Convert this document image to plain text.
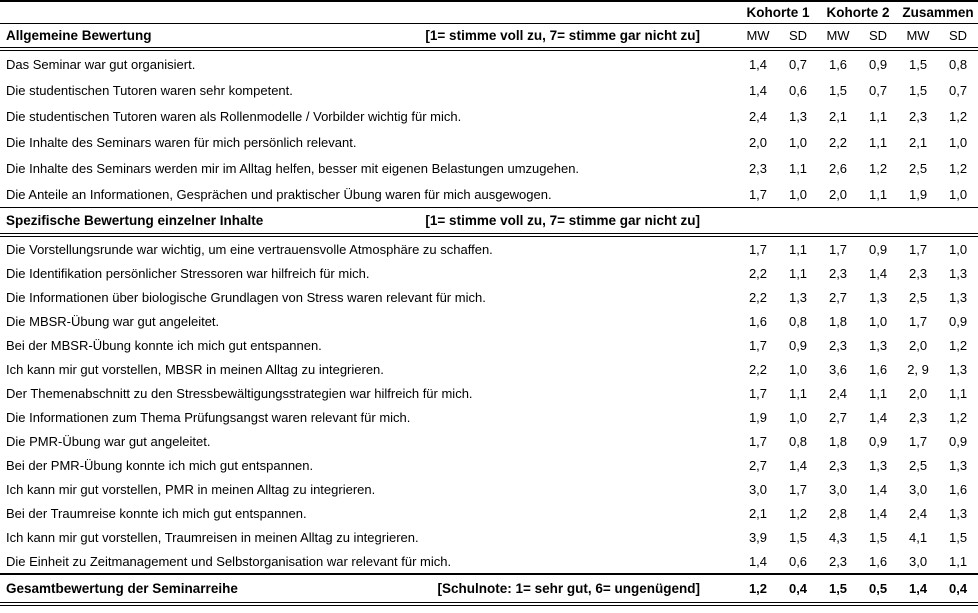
	Kohorte 1		Kohorte 2		Zusammen	

Allgemeine Bewertung [1= stimme voll zu, 7= stimme gar nicht zu]	MW	SD	MW	SD	MW	SD
Das Seminar war gut organisiert.	1,4	0,7	1,6	0,9	1,5	0,8
Die studentischen Tutoren waren sehr kompetent.	1,4	0,6	1,5	0,7	1,5	0,7
Die studentischen Tutoren waren als Rollenmodelle / Vorbilder wichtig für mich.	2,4	1,3	2,1	1,1	2,3	1,2
Die Inhalte des Seminars waren für mich persönlich relevant.	2,0	1,0	2,2	1,1	2,1	1,0
Die Inhalte des Seminars werden mir im Alltag helfen, besser mit eigenen Belastungen umzugehen.	2,3	1,1	2,6	1,2	2,5	1,2
Die Anteile an Informationen, Gesprächen und praktischer Übung waren für mich ausgewogen.	1,7	1,0	2,0	1,1	1,9	1,0

Spezifische Bewertung einzelner Inhalte [1= stimme voll zu, 7= stimme gar nicht zu]						

Die Vorstellungsrunde war wichtig, um eine vertrauensvolle Atmosphäre zu schaffen.	1,7	1,1	1,7	0,9	1,7	1,0
Die Identifikation persönlicher Stressoren war hilfreich für mich.	2,2	1,1	2,3	1,4	2,3	1,3
Die Informationen über biologische Grundlagen von Stress waren relevant für mich.	2,2	1,3	2,7	1,3	2,5	1,3
Die MBSR-Übung war gut angeleitet.	1,6	0,8	1,8	1,0	1,7	0,9
Bei der MBSR-Übung konnte ich mich gut entspannen.	1,7	0,9	2,3	1,3	2,0	1,2
Ich kann mir gut vorstellen, MBSR in meinen Alltag zu integrieren.	2,2	1,0	3,6	1,6	2, 9	1,3
Der Themenabschnitt zu den Stressbewältigungsstrategien war hilfreich für mich.	1,7	1,1	2,4	1,1	2,0	1,1
Die Informationen zum Thema Prüfungsangst waren relevant für mich.	1,9	1,0	2,7	1,4	2,3	1,2
Die PMR-Übung war gut angeleitet.	1,7	0,8	1,8	0,9	1,7	0,9
Bei der PMR-Übung konnte ich mich gut entspannen.	2,7	1,4	2,3	1,3	2,5	1,3
Ich kann mir gut vorstellen, PMR in meinen Alltag zu integrieren.	3,0	1,7	3,0	1,4	3,0	1,6
Bei der Traumreise konnte ich mich gut entspannen.	2,1	1,2	2,8	1,4	2,4	1,3
Ich kann mir gut vorstellen, Traumreisen in meinen Alltag zu integrieren.	3,9	1,5	4,3	1,5	4,1	1,5
Die Einheit zu Zeitmanagement und Selbstorganisation war relevant für mich.	1,4	0,6	2,3	1,6	3,0	1,1

Gesamtbewertung der Seminarreihe [Schulnote: 1= sehr gut, 6= ungenügend]	1,2	0,4	1,5	0,5	1,4	0,4
